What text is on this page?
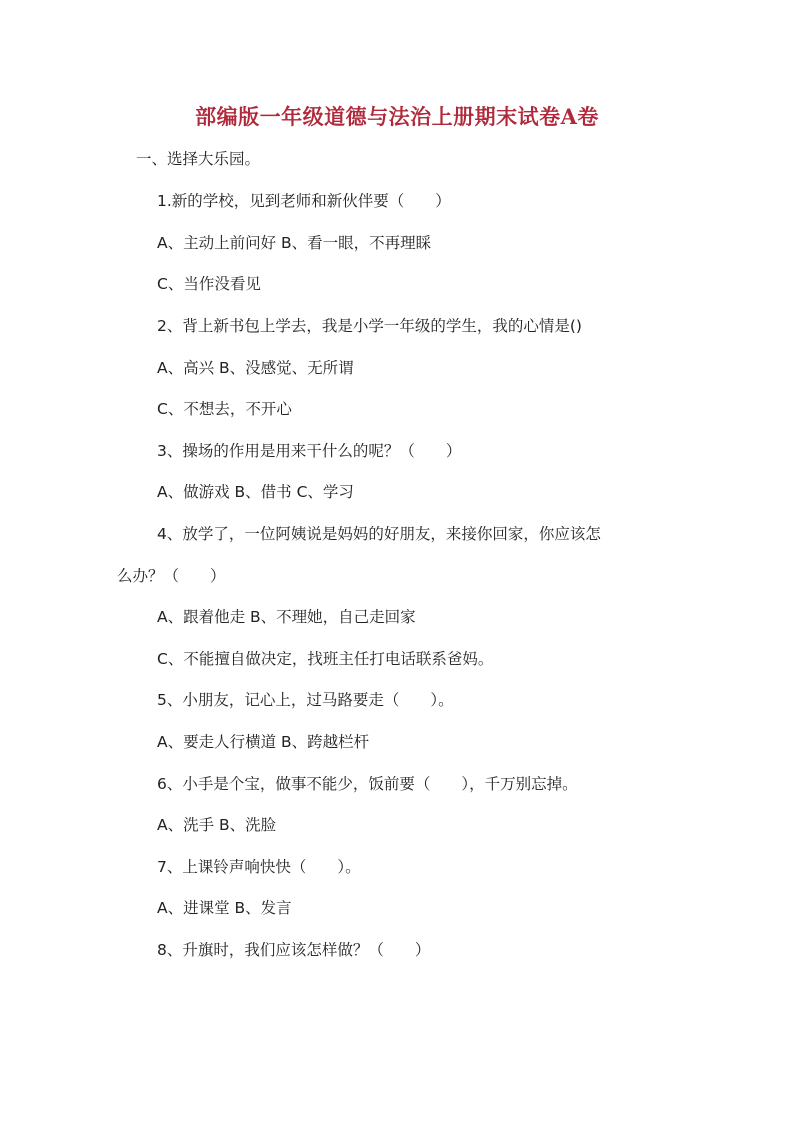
部编版一年级道德与法治上册期末试卷A卷
一、选择大乐园。
1.新的学校，见到老师和新伙伴要（　　）
A、主动上前问好 B、看一眼，不再理睬
C、当作没看见
2、背上新书包上学去，我是小学一年级的学生，我的心情是()
A、高兴 B、没感觉、无所谓
C、不想去，不开心
3、操场的作用是用来干什么的呢？（　　）
A、做游戏 B、借书 C、学习
4、放学了，一位阿姨说是妈妈的好朋友，来接你回家，你应该怎
么办？（　　）
A、跟着他走 B、不理她，自己走回家
C、不能擅自做决定，找班主任打电话联系爸妈。
5、小朋友，记心上，过马路要走（　　）。
A、要走人行横道 B、跨越栏杆
6、小手是个宝，做事不能少，饭前要（　　），千万别忘掉。
A、洗手 B、洗脸
7、上课铃声响快快（　　）。
A、进课堂 B、发言
8、升旗时，我们应该怎样做？（　　）
